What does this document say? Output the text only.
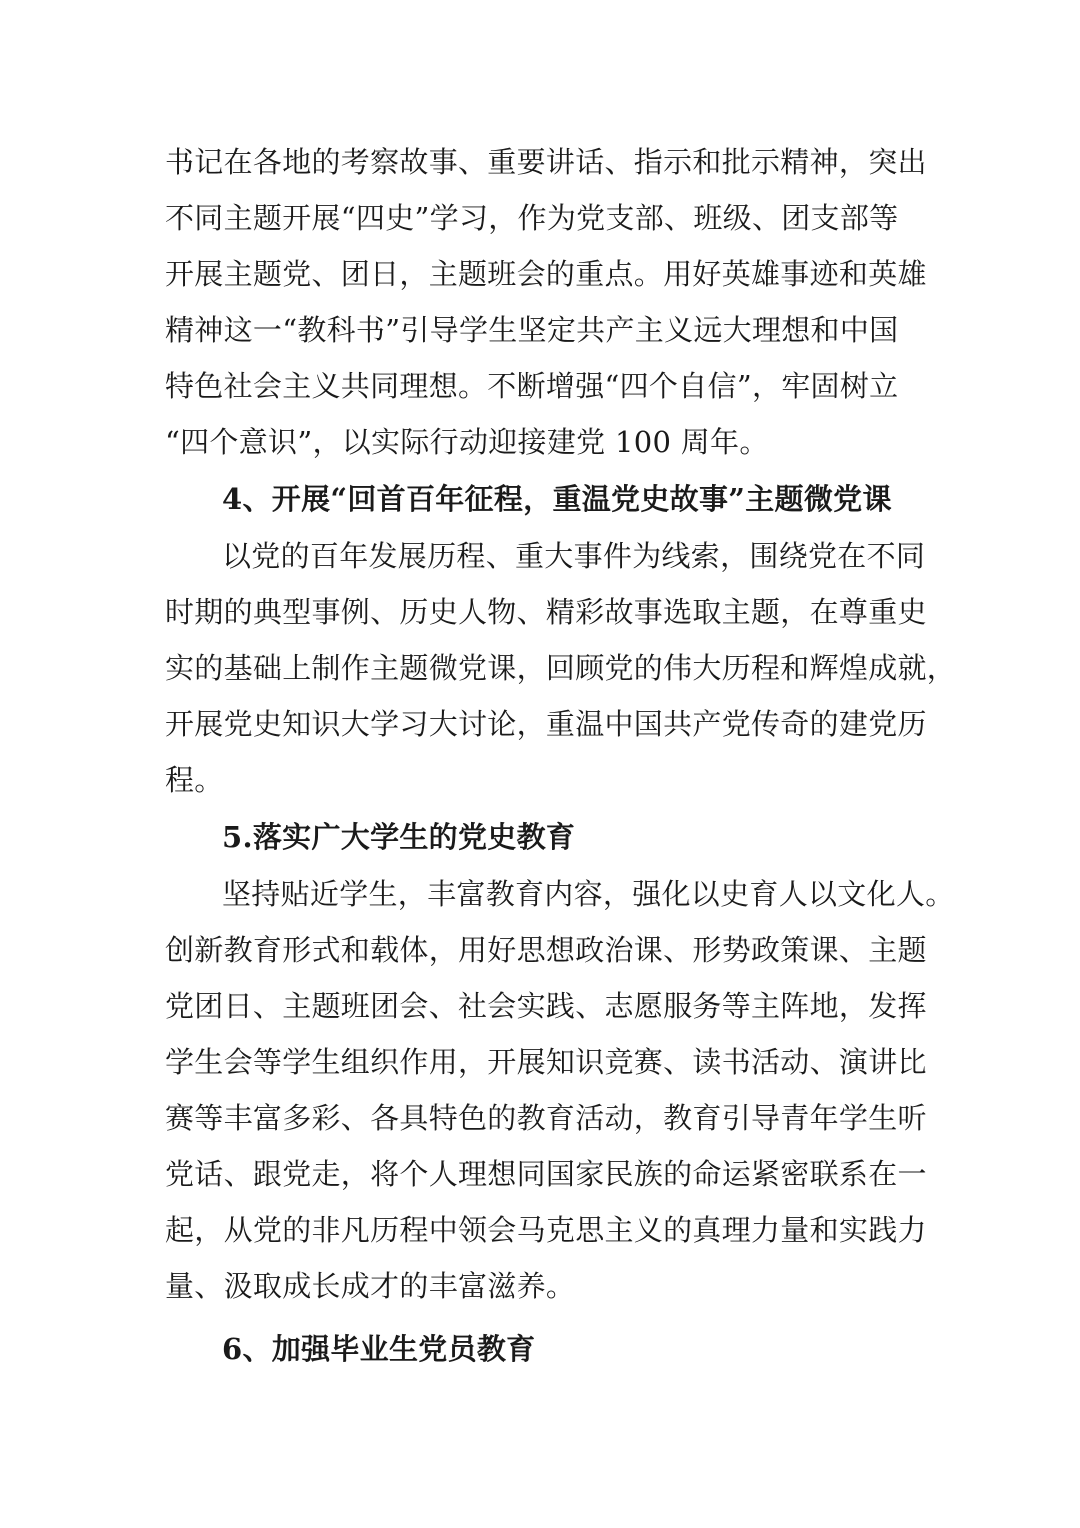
书记在各地的考察故事、重要讲话、指示和批示精神，突出
不同主题开展“四史”学习，作为党支部、班级、团支部等
开展主题党、团日，主题班会的重点。用好英雄事迹和英雄
精神这一“教科书”引导学生坚定共产主义远大理想和中国
特色社会主义共同理想。不断增强“四个自信”，牢固树立
“四个意识”，以实际行动迎接建党 100 周年。
4、开展“回首百年征程，重温党史故事”主题微党课
以党的百年发展历程、重大事件为线索，围绕党在不同
时期的典型事例、历史人物、精彩故事选取主题，在尊重史
实的基础上制作主题微党课，回顾党的伟大历程和辉煌成就，
开展党史知识大学习大讨论，重温中国共产党传奇的建党历
程。
5.落实广大学生的党史教育
坚持贴近学生，丰富教育内容，强化以史育人以文化人。
创新教育形式和载体，用好思想政治课、形势政策课、主题
党团日、主题班团会、社会实践、志愿服务等主阵地，发挥
学生会等学生组织作用，开展知识竞赛、读书活动、演讲比
赛等丰富多彩、各具特色的教育活动，教育引导青年学生听
党话、跟党走，将个人理想同国家民族的命运紧密联系在一
起，从党的非凡历程中领会马克思主义的真理力量和实践力
量、汲取成长成才的丰富滋养。
6、加强毕业生党员教育
